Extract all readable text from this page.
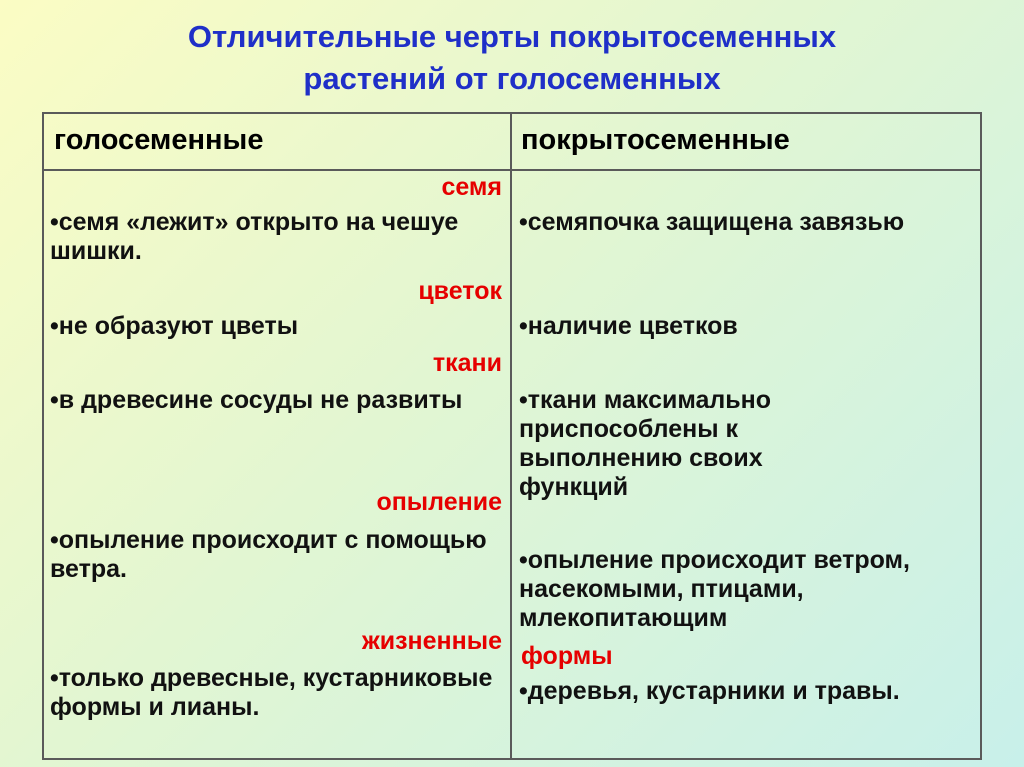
Отличительные черты покрытосеменных
растений от голосеменных
голосеменные	покрытосеменные

семя

•семя «лежит» открыто на чешуе шишки.

цветок

•не образуют цветы

ткани

•в древесине сосуды не развиты

опыление

•опыление происходит с помощью ветра.

жизненные

•только древесные, кустарниковые формы и лианы.

•семяпочка защищена завязью

•наличие цветков

•ткани максимально приспособлены к выполнению своих функций

•опыление происходит ветром, насекомыми, птицами, млекопитающим

формы

•деревья, кустарники и травы.
